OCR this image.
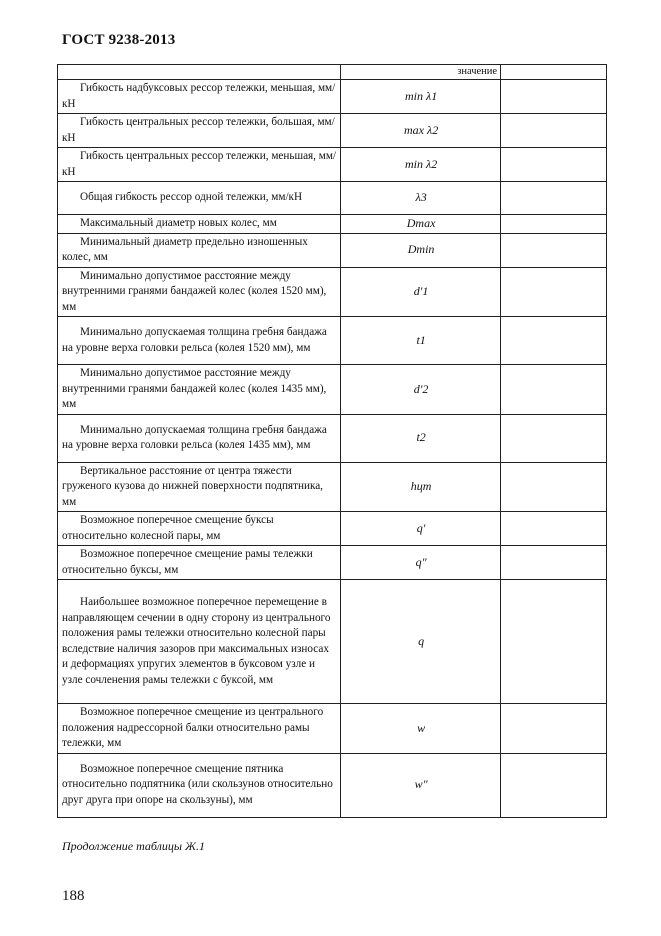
ГОСТ 9238-2013
	значение	
Гибкость надбуксовых рессор тележки, меньшая, мм/кН	min λ1	
Гибкость центральных рессор тележки, большая, мм/кН	max λ2	
Гибкость центральных рессор тележки, меньшая, мм/кН	min λ2	
Общая гибкость рессор одной тележки, мм/кН	λ3	
Максимальный диаметр новых колес, мм	Dmax	
Минимальный диаметр предельно изношенных колес, мм	Dmin	
Минимально допустимое расстояние между внутренними гранями бандажей колес (колея 1520 мм), мм	d′1	
Минимально допускаемая толщина гребня бандажа на уровне верха головки рельса (колея 1520 мм), мм	t1	
Минимально допустимое расстояние между внутренними гранями бандажей колес (колея 1435 мм), мм	d′2	
Минимально допускаемая толщина гребня бандажа на уровне верха головки рельса (колея 1435 мм), мм	t2	
Вертикальное расстояние от центра тяжести груженого кузова до нижней поверхности подпятника, мм	hцт	
Возможное поперечное смещение буксы относительно колесной пары, мм	q′	
Возможное поперечное смещение рамы тележки относительно буксы, мм	q″	
Наибольшее возможное поперечное перемещение в направляющем сечении в одну сторону из центрального положения рамы тележки относительно колесной пары вследствие наличия зазоров при максимальных износах и деформациях упругих элементов в буксовом узле и узле сочленения рамы тележки с буксой, мм	q	
Возможное поперечное смещение из центрального положения надрессорной балки относительно рамы тележки, мм	w	
Возможное поперечное смещение пятника относительно подпятника (или скользунов относительно друг друга при опоре на скользуны), мм	w″	
Продолжение таблицы Ж.1
188
